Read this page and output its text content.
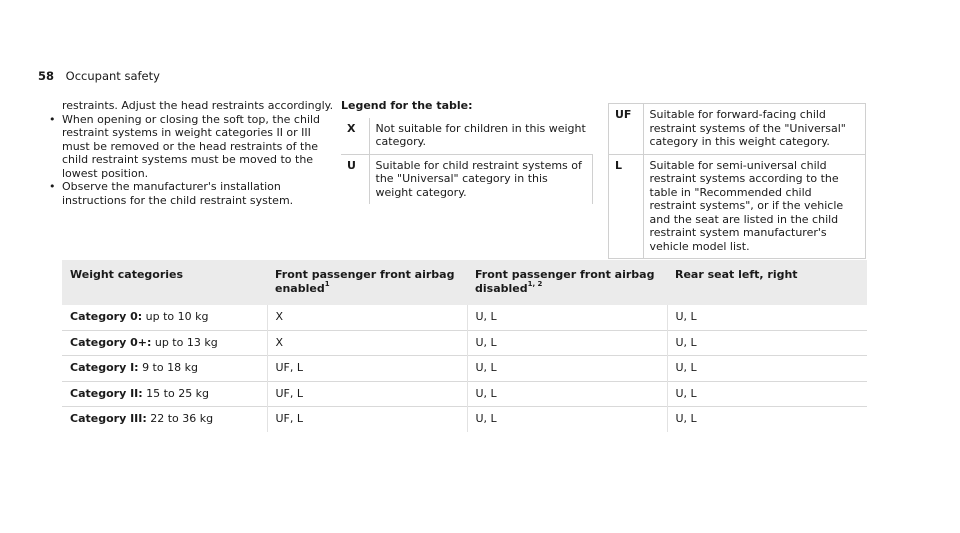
58 Occupant safety

restraints. Adjust the head restraints accordingly.

• When opening or closing the soft top, the child restraint systems in weight categories II or III must be removed or the head restraints of the child restraint systems must be moved to the lowest position.
• Observe the manufacturer's installation instructions for the child restraint system.
Legend for the table:
X	Not suitable for children in this weight category.
U	Suitable for child restraint systems of the "Universal" category in this weight category.
UF	Suitable for forward-facing child restraint systems of the "Universal" category in this weight category.
L	Suitable for semi-universal child restraint systems according to the table in "Recommended child restraint systems", or if the vehicle and the seat are listed in the child restraint system manufacturer's vehicle model list.
Weight categories	Front passenger front airbag enabled$^1$	Front passenger front airbag disabled$^{1, 2}$	Rear seat left, right
Category 0: up to 10 kg	X	U, L	U, L
Category 0+: up to 13 kg	X	U, L	U, L
Category I: 9 to 18 kg	UF, L	U, L	U, L
Category II: 15 to 25 kg	UF, L	U, L	U, L
Category III: 22 to 36 kg	UF, L	U, L	U, L
